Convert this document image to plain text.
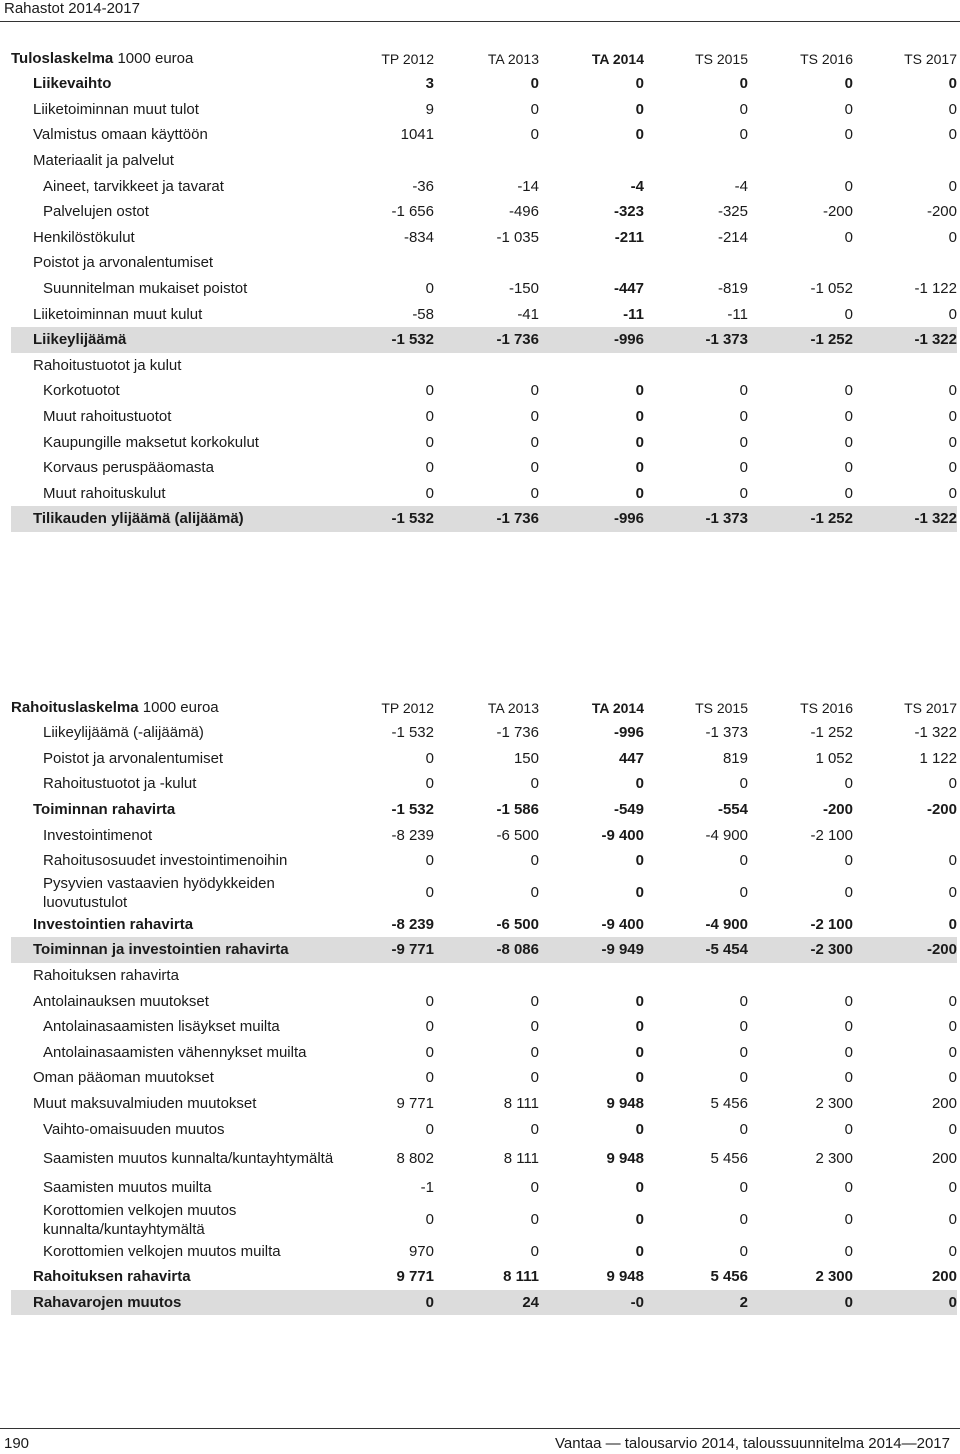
Rahastot 2014-2017
Tuloslaskelma 1000 euroa	TP 2012	TA 2013	TA 2014	TS 2015	TS 2016	TS 2017
Liikevaihto	3	0	0	0	0	0
Liiketoiminnan muut tulot	9	0	0	0	0	0
Valmistus omaan käyttöön	1041	0	0	0	0	0
Materiaalit ja palvelut						
Aineet, tarvikkeet ja tavarat	-36	-14	-4	-4	0	0
Palvelujen ostot	-1 656	-496	-323	-325	-200	-200
Henkilöstökulut	-834	-1 035	-211	-214	0	0
Poistot ja arvonalentumiset						
Suunnitelman mukaiset poistot	0	-150	-447	-819	-1 052	-1 122
Liiketoiminnan muut kulut	-58	-41	-11	-11	0	0
Liikeylijäämä	-1 532	-1 736	-996	-1 373	-1 252	-1 322
Rahoitustuotot ja kulut						
Korkotuotot	0	0	0	0	0	0
Muut rahoitustuotot	0	0	0	0	0	0
Kaupungille maksetut korkokulut	0	0	0	0	0	0
Korvaus peruspääomasta	0	0	0	0	0	0
Muut rahoituskulut	0	0	0	0	0	0
Tilikauden ylijäämä (alijäämä)	-1 532	-1 736	-996	-1 373	-1 252	-1 322
Rahoituslaskelma 1000 euroa	TP 2012	TA 2013	TA 2014	TS 2015	TS 2016	TS 2017
Liikeylijäämä (-alijäämä)	-1 532	-1 736	-996	-1 373	-1 252	-1 322
Poistot ja arvonalentumiset	0	150	447	819	1 052	1 122
Rahoitustuotot ja -kulut	0	0	0	0	0	0
Toiminnan rahavirta	-1 532	-1 586	-549	-554	-200	-200
Investointimenot	-8 239	-6 500	-9 400	-4 900	-2 100	
Rahoitusosuudet investointimenoihin	0	0	0	0	0	0
Pysyvien vastaavien hyödykkeiden luovutustulot	0	0	0	0	0	0
Investointien rahavirta	-8 239	-6 500	-9 400	-4 900	-2 100	0
Toiminnan ja investointien rahavirta	-9 771	-8 086	-9 949	-5 454	-2 300	-200
Rahoituksen rahavirta						
Antolainauksen muutokset	0	0	0	0	0	0
Antolainasaamisten lisäykset muilta	0	0	0	0	0	0
Antolainasaamisten vähennykset muilta	0	0	0	0	0	0
Oman pääoman muutokset	0	0	0	0	0	0
Muut maksuvalmiuden muutokset	9 771	8 111	9 948	5 456	2 300	200
Vaihto-omaisuuden muutos	0	0	0	0	0	0
Saamisten muutos kunnalta/kuntayhtymältä	8 802	8 111	9 948	5 456	2 300	200
Saamisten muutos muilta	-1	0	0	0	0	0
Korottomien velkojen muutos kunnalta/kuntayhtymältä	0	0	0	0	0	0
Korottomien velkojen muutos muilta	970	0	0	0	0	0
Rahoituksen rahavirta	9 771	8 111	9 948	5 456	2 300	200
Rahavarojen muutos	0	24	-0	2	0	0
190	Vantaa — talousarvio 2014, taloussuunnitelma 2014—2017
